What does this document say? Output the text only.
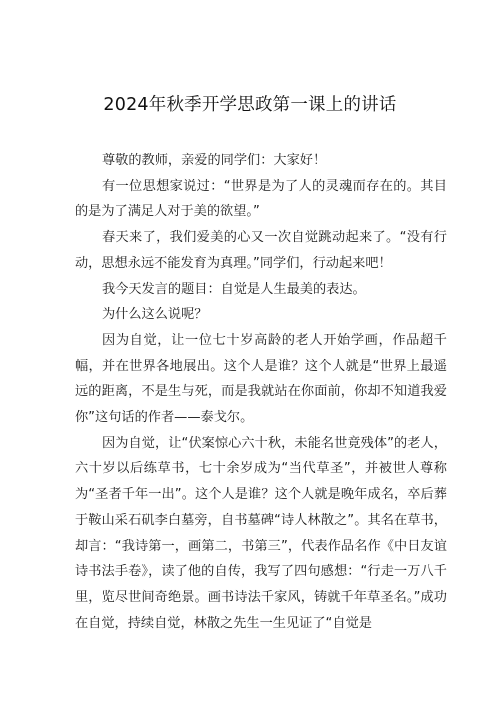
2024年秋季开学思政第一课上的讲话

尊敬的教师，亲爱的同学们：大家好！

有一位思想家说过：“世界是为了人的灵魂而存在的。其目的是为了满足人对于美的欲望。”

春天来了，我们爱美的心又一次自觉跳动起来了。“没有行动，思想永远不能发育为真理。”同学们，行动起来吧！

我今天发言的题目：自觉是人生最美的表达。

为什么这么说呢？

因为自觉，让一位七十岁高龄的老人开始学画，作品超千幅，并在世界各地展出。这个人是谁？这个人就是“世界上最遥远的距离，不是生与死，而是我就站在你面前，你却不知道我爱你”这句话的作者——泰戈尔。

因为自觉，让“伏案惊心六十秋，未能名世竟残体”的老人，六十岁以后练草书，七十余岁成为“当代草圣”，并被世人尊称为“圣者千年一出”。这个人是谁？这个人就是晚年成名，卒后葬于鞍山采石矶李白墓旁，自书墓碑“诗人林散之”。其名在草书，却言：“我诗第一，画第二，书第三”，代表作品名作《中日友谊诗书法手卷》，读了他的自传，我写了四句感想：“行走一万八千里，览尽世间奇绝景。画书诗法千家风，铸就千年草圣名。”成功在自觉，持续自觉，林散之先生一生见证了“自觉是
